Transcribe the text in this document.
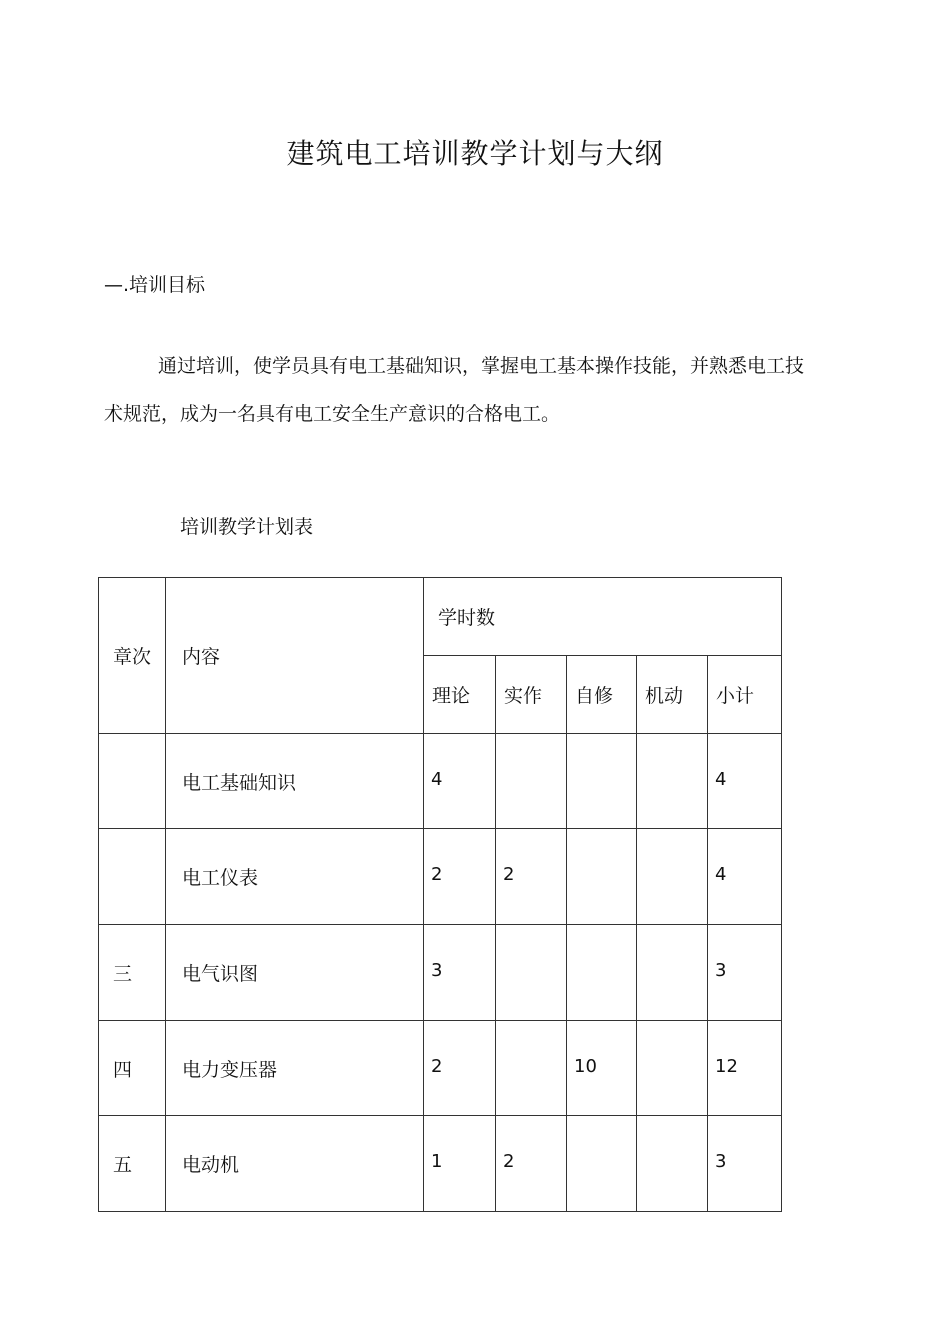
建筑电工培训教学计划与大纲
—.培训目标

通过培训，使学员具有电工基础知识，掌握电工基本操作技能，并熟悉电工技术规范，成为一名具有电工安全生产意识的合格电工。

培训教学计划表
章次	内容	学时数				
		理论	实作	自修	机动	小计
	电工基础知识	4				4
	电工仪表	2	2			4
三	电气识图	3				3
四	电力变压器	2		10		12
五	电动机	1	2			3
